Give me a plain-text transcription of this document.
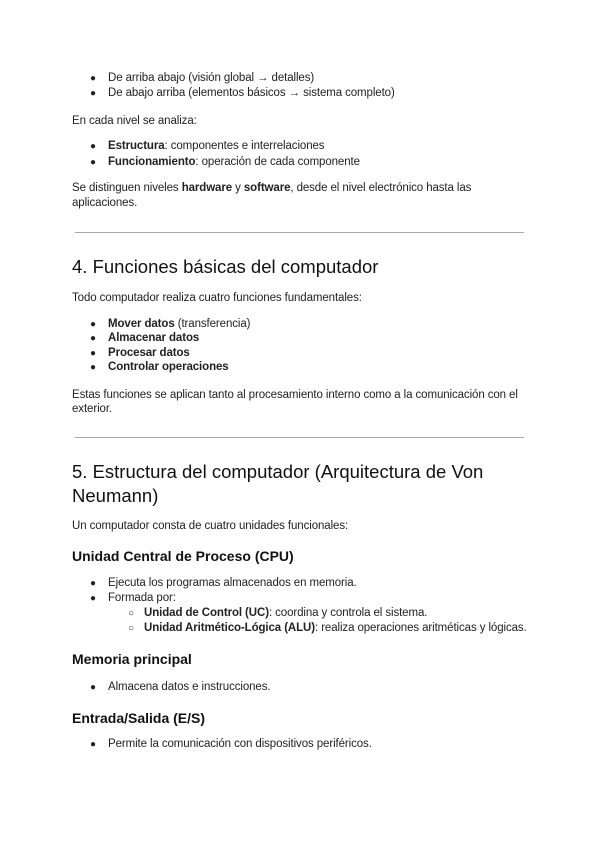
● De arriba abajo (visión global → detalles)
● De abajo arriba (elementos básicos → sistema completo)
En cada nivel se analiza:
● Estructura: componentes e interrelaciones
● Funcionamiento: operación de cada componente
Se distinguen niveles hardware y software, desde el nivel electrónico hasta las
aplicaciones.
4. Funciones básicas del computador
Todo computador realiza cuatro funciones fundamentales:
● Mover datos (transferencia)
● Almacenar datos
● Procesar datos
● Controlar operaciones
Estas funciones se aplican tanto al procesamiento interno como a la comunicación con el
exterior.
5. Estructura del computador (Arquitectura de Von
Neumann)
Un computador consta de cuatro unidades funcionales:
Unidad Central de Proceso (CPU)
● Ejecuta los programas almacenados en memoria.
● Formada por:
○ Unidad de Control (UC): coordina y controla el sistema.
○ Unidad Aritmético-Lógica (ALU): realiza operaciones aritméticas y lógicas.
Memoria principal
● Almacena datos e instrucciones.
Entrada/Salida (E/S)
● Permite la comunicación con dispositivos periféricos.
